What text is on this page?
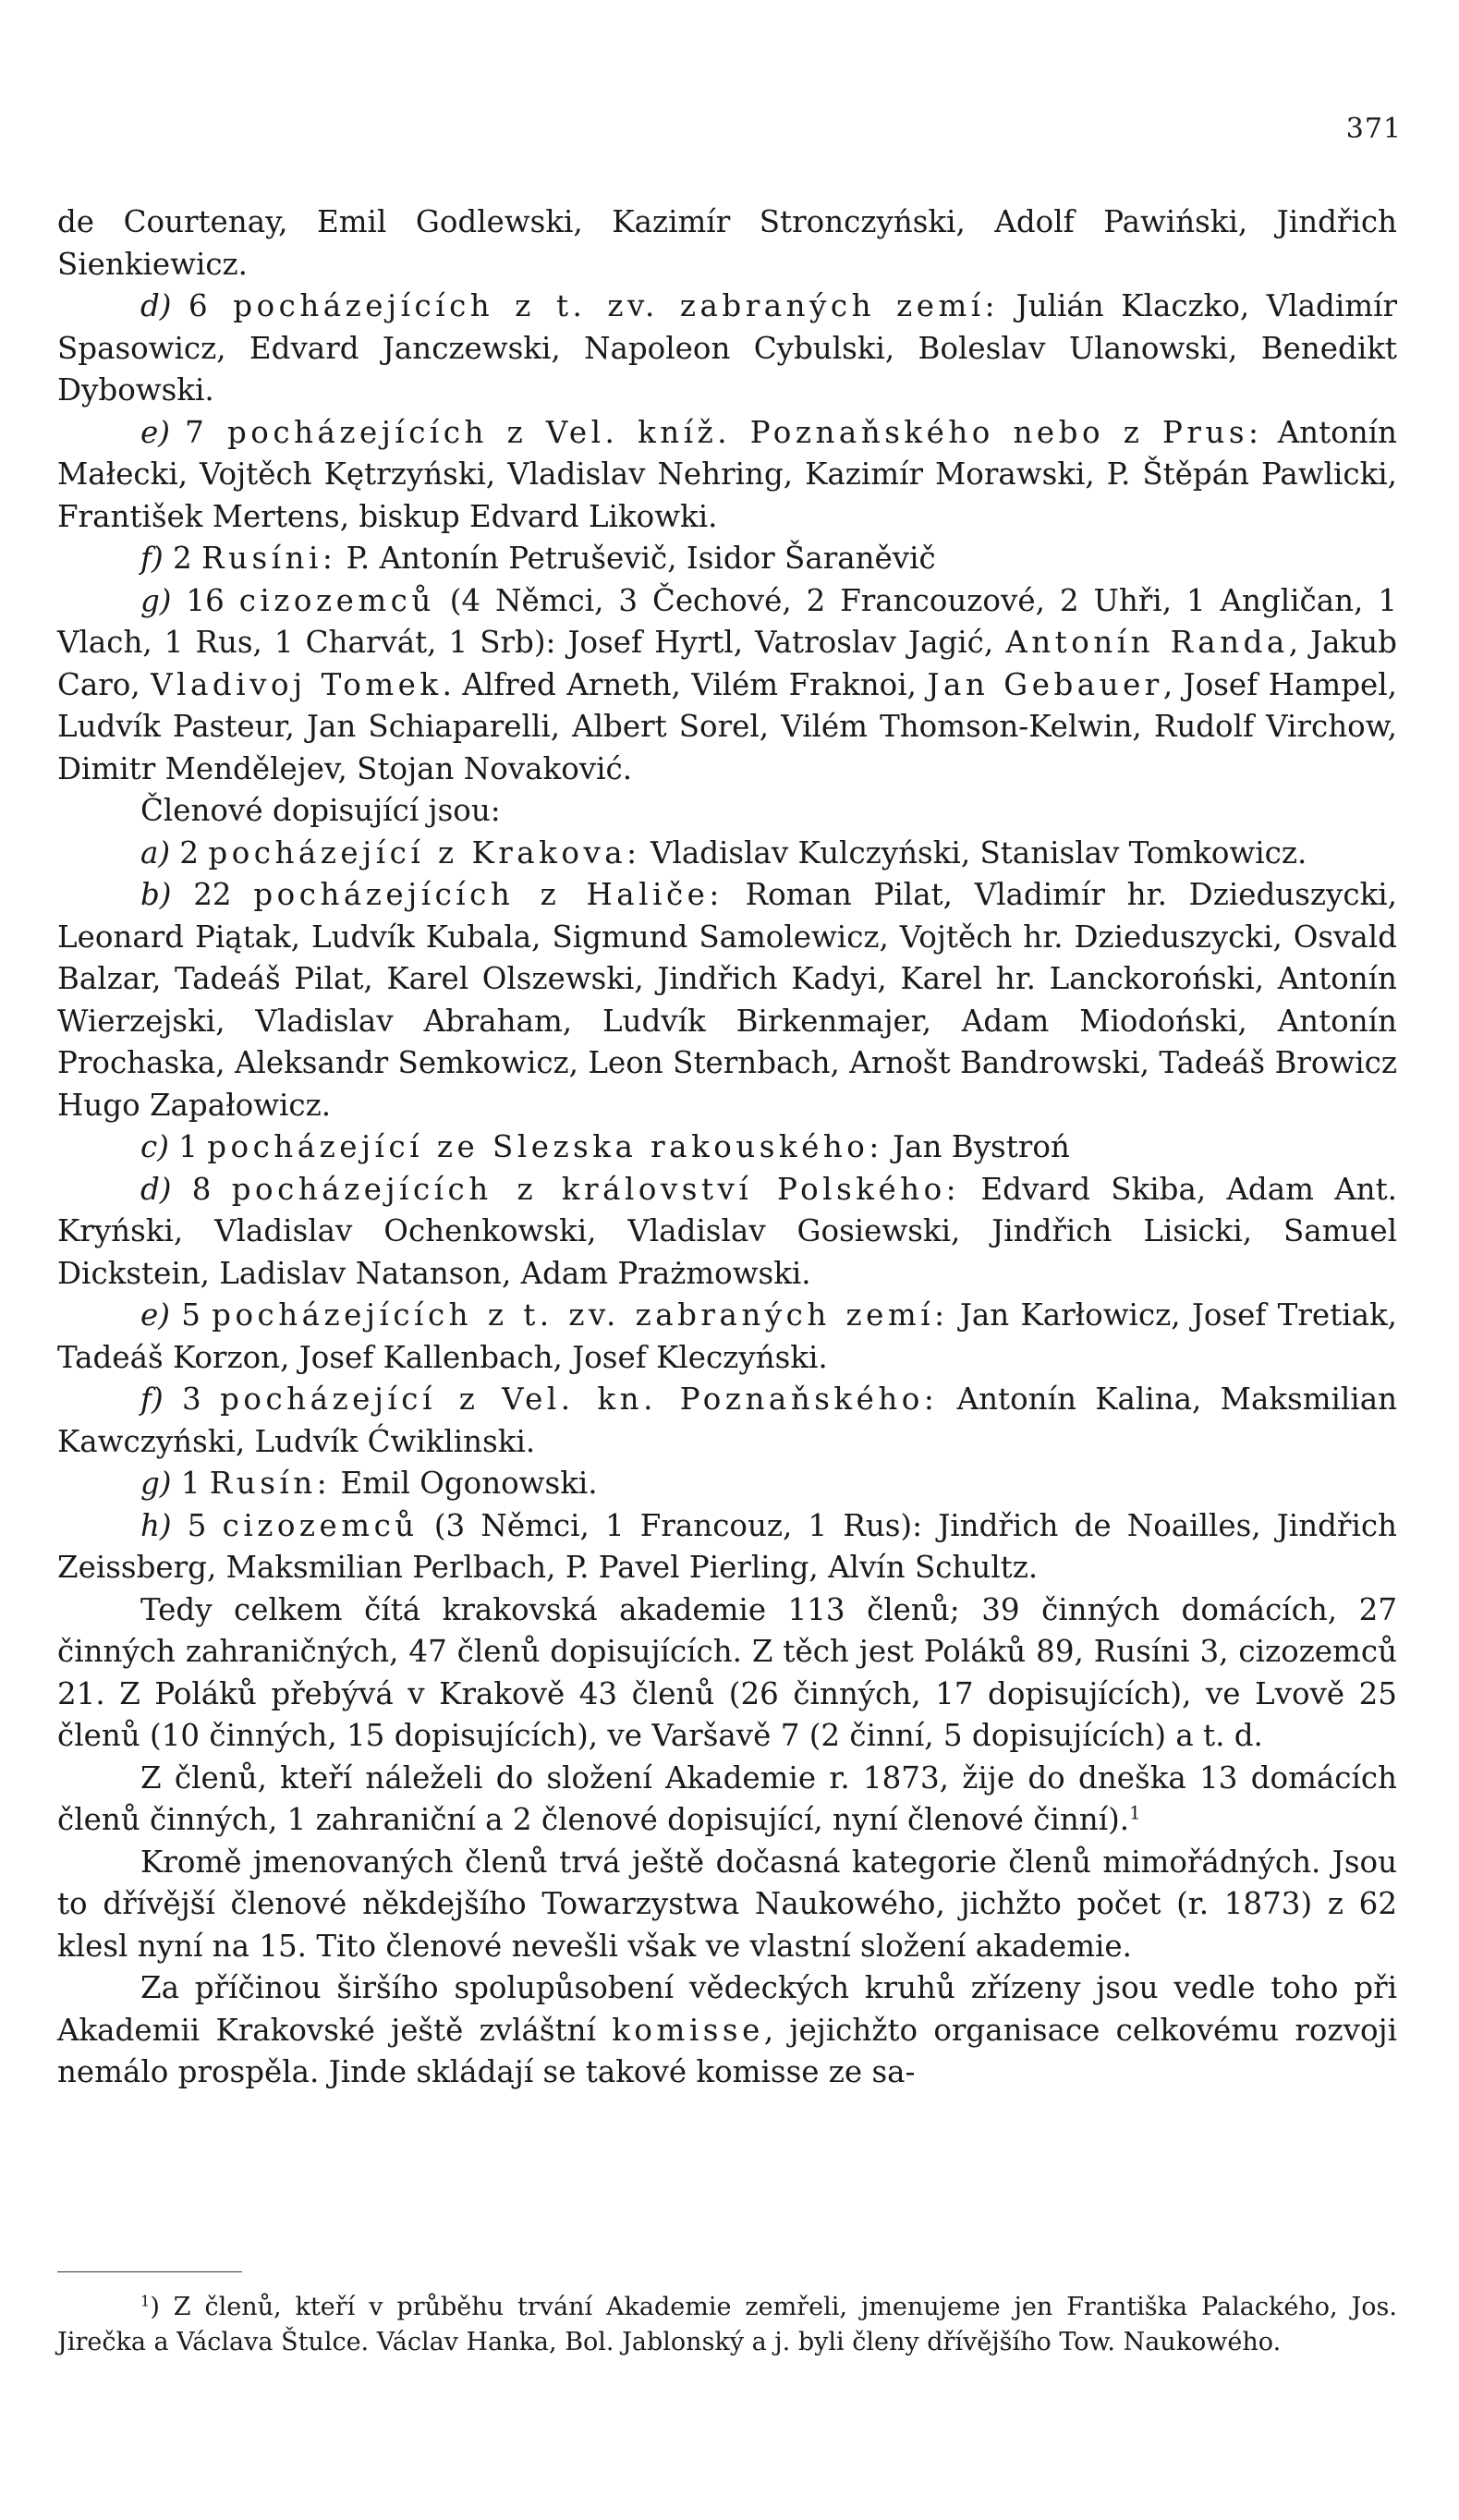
371

de Courtenay, Emil Godlewski, Kazimír Stronczyński, Adolf Pawiński, Jindřich Sienkiewicz.

d) 6 pocházejících z t. zv. zabraných zemí: Julián Klaczko, Vladimír Spasowicz, Edvard Janczewski, Napoleon Cybulski, Boleslav Ulanowski, Benedikt Dybowski.

e) 7 pocházejících z Vel. kníž. Poznaňského nebo z Prus: Antonín Małecki, Vojtěch Kętrzyński, Vladislav Nehring, Kazimír Morawski, P. Štěpán Pawlicki, František Mertens, biskup Edvard Likowki.

f) 2 Rusíni: P. Antonín Petruševič, Isidor Šaraněvič

g) 16 cizozemců (4 Němci, 3 Čechové, 2 Francouzové, 2 Uhři, 1 Angličan, 1 Vlach, 1 Rus, 1 Charvát, 1 Srb): Josef Hyrtl, Vatroslav Jagić, Antonín Randa, Jakub Caro, Vladivoj Tomek. Alfred Arneth, Vilém Fraknoi, Jan Gebauer, Josef Hampel, Ludvík Pasteur, Jan Schiaparelli, Albert Sorel, Vilém Thomson-Kelwin, Rudolf Virchow, Dimitr Menděleјev, Stojan Novaković.

Členové dopisující jsou:

a) 2 pocházející z Krakova: Vladislav Kulczyński, Stanislav Tomkowicz.

b) 22 pocházejících z Haliče: Roman Pilat, Vladimír hr. Dzieduszycki, Leonard Piątak, Ludvík Kubala, Sigmund Samolewicz, Vojtěch hr. Dzieduszycki, Osvald Balzar, Tadeáš Pilat, Karel Olszewski, Jindřich Kadyi, Karel hr. Lanckoroński, Antonín Wierzejski, Vladislav Abraham, Ludvík Birkenmajer, Adam Miodoński, Antonín Prochaska, Aleksandr Semkowicz, Leon Sternbach, Arnošt Bandrowski, Tadeáš Browicz Hugo Zapałowicz.

c) 1 pocházející ze Slezska rakouského: Jan Bystroń

d) 8 pocházejících z království Polského: Edvard Skiba, Adam Ant. Kryński, Vladislav Ochenkowski, Vladislav Gosiewski, Jindřich Lisicki, Samuel Dickstein, Ladislav Natanson, Adam Prażmowski.

e) 5 pocházejících z t. zv. zabraných zemí: Jan Karłowicz, Josef Tretiak, Tadeáš Korzon, Josef Kallenbach, Josef Kleczyński.

f) 3 pocházející z Vel. kn. Poznaňského: Antonín Kalina, Maksmilian Kawczyński, Ludvík Ćwiklinski.

g) 1 Rusín: Emil Ogonowski.

h) 5 cizozemců (3 Němci, 1 Francouz, 1 Rus): Jindřich de Noailles, Jindřich Zeissberg, Maksmilian Perlbach, P. Pavel Pierling, Alvín Schultz.

Tedy celkem čítá krakovská akademie 113 členů; 39 činných domácích, 27 činných zahraničných, 47 členů dopisujících. Z těch jest Poláků 89, Rusíni 3, cizozemců 21. Z Poláků přebývá v Krakově 43 členů (26 činných, 17 dopisujících), ve Lvově 25 členů (10 činných, 15 dopisujících), ve Varšavě 7 (2 činní, 5 dopisujících) a t. d.

Z členů, kteří náleželi do složení Akademie r. 1873, žije do dneška 13 domácích členů činných, 1 zahraniční a 2 členové dopisující, nyní členové činní).$^1$

Kromě jmenovaných členů trvá ještě dočasná kategorie členů mimořádných. Jsou to dřívější členové někdejšího Towarzystwa Naukowého, jichžto počet (r. 1873) z 62 klesl nyní na 15. Tito členové nevešli však ve vlastní složení akademie.

Za příčinou širšího spolupůsobení vědeckých kruhů zřízeny jsou vedle toho při Akademii Krakovské ještě zvláštní komisse, jejichžto organisace celkovému rozvoji nemálo prospěla. Jinde skládají se takové komisse ze sa-

$^1$) Z členů, kteří v průběhu trvání Akademie zemřeli, jmenujeme jen Františka Palackého, Jos. Jirečka a Václava Štulce. Václav Hanka, Bol. Jablonský a j. byli členy dřívějšího Tow. Naukowého.
